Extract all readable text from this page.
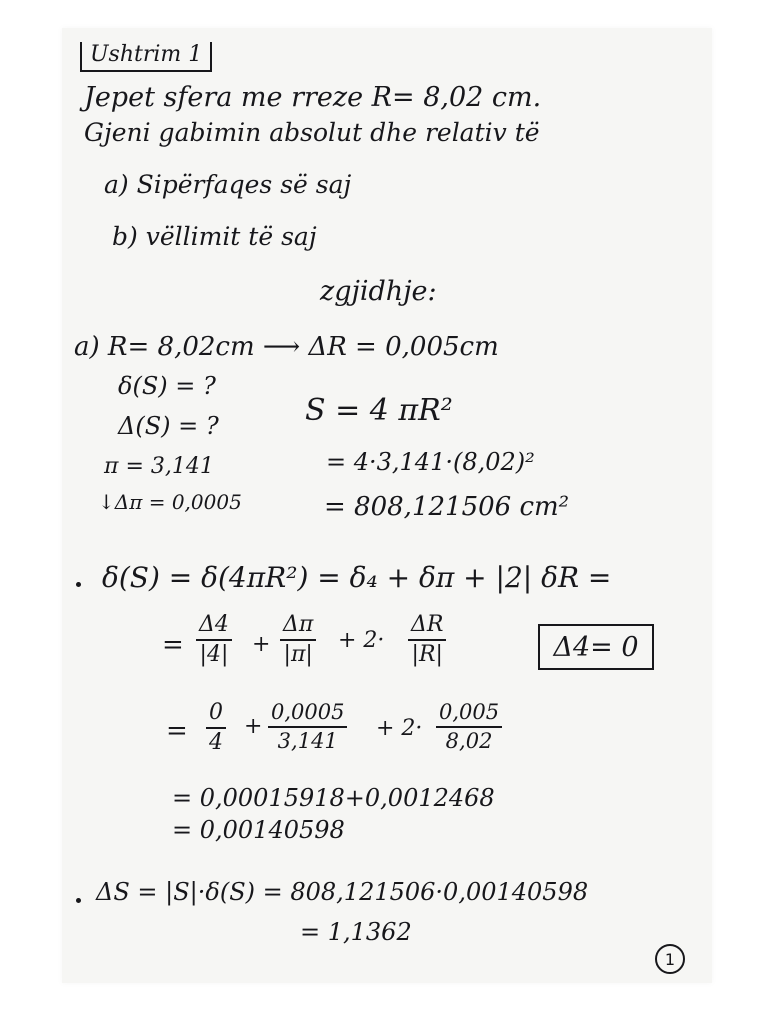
Ushtrim 1
Jepet sfera me rreze R= 8,02 cm.
Gjeni gabimin absolut dhe relativ të
a) Sipërfaqes së saj
b) vëllimit të saj
zgjidhje:
a) R= 8,02cm ⟶ ΔR = 0,005cm
δ(S) = ?
Δ(S) = ?
π = 3,141
↓Δπ = 0,0005
S = 4 πR²
= 4·3,141·(8,02)²
= 808,121506 cm²
δ(S) = δ(4πR²) = δ₄ + δπ + |2| δR =
=
Δ4
|4| +
Δπ
|π|
+ 2·
ΔR
|R|	Δ4= 0
=
0
4
+
0,0005
3,141 + 2·
0,005
8,02
= 0,00015918+0,0012468
= 0,00140598
ΔS = |S|·δ(S) = 808,121506·0,00140598
= 1,1362
1
